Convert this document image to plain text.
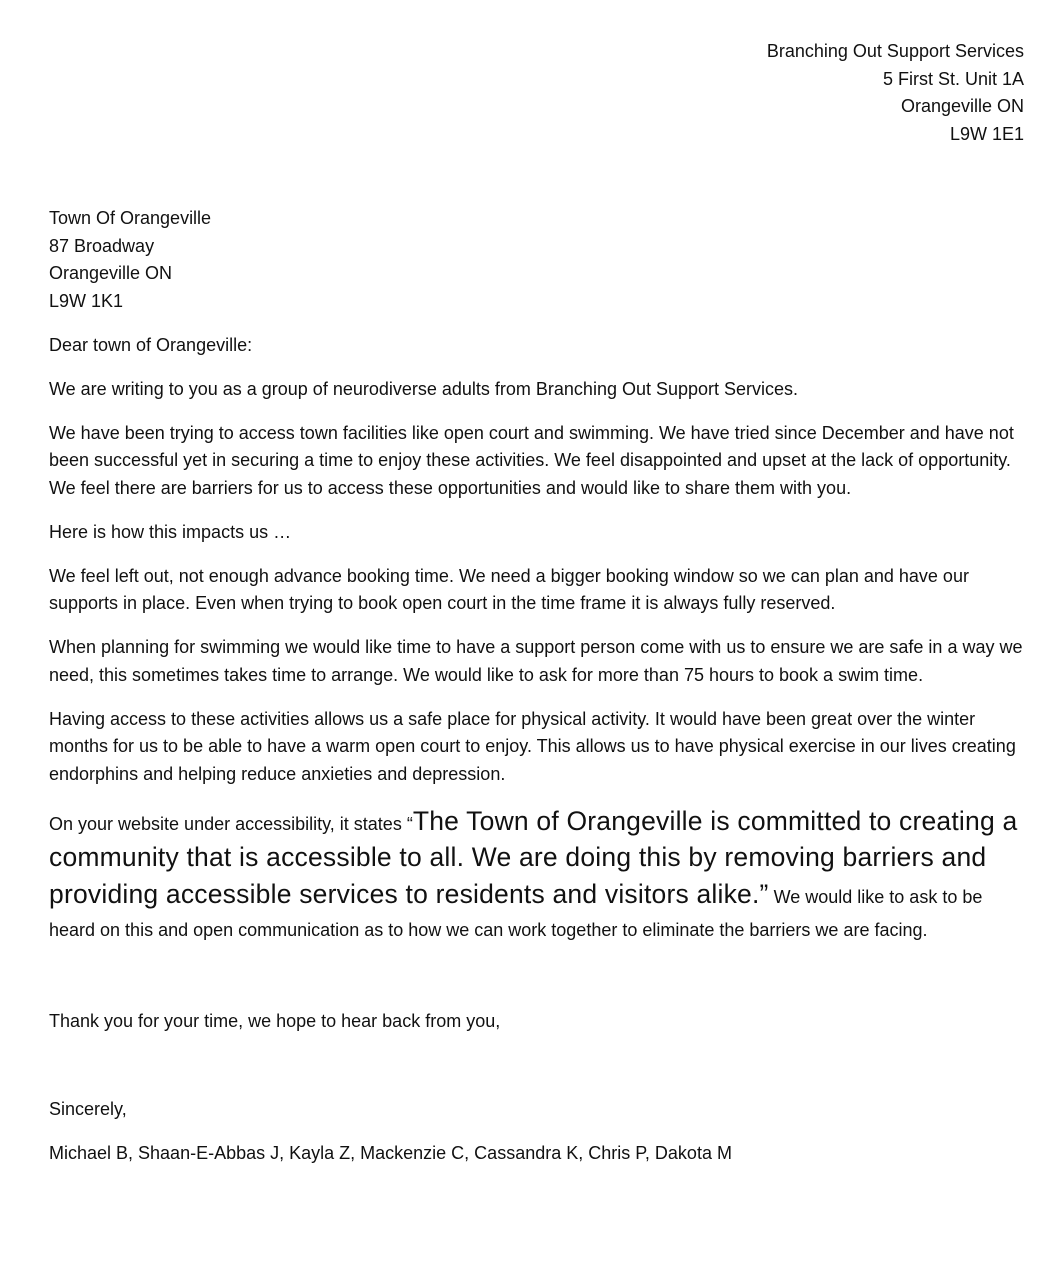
Branching Out Support Services
5 First St. Unit 1A
Orangeville ON
L9W 1E1
Town Of Orangeville
87 Broadway
Orangeville ON
L9W 1K1

Dear town of Orangeville:

We are writing to you as a group of neurodiverse adults from Branching Out Support Services.

We have been trying to access town facilities like open court and swimming. We have tried since December and have not been successful yet in securing a time to enjoy these activities. We feel disappointed and upset at the lack of opportunity. We feel there are barriers for us to access these opportunities and would like to share them with you.

Here is how this impacts us …

We feel left out, not enough advance booking time. We need a bigger booking window so we can plan and have our supports in place. Even when trying to book open court in the time frame it is always fully reserved.

When planning for swimming we would like time to have a support person come with us to ensure we are safe in a way we need, this sometimes takes time to arrange. We would like to ask for more than 75 hours to book a swim time.

Having access to these activities allows us a safe place for physical activity. It would have been great over the winter months for us to be able to have a warm open court to enjoy. This allows us to have physical exercise in our lives creating endorphins and helping reduce anxieties and depression.

On your website under accessibility, it states “The Town of Orangeville is committed to creating a community that is accessible to all. We are doing this by removing barriers and providing accessible services to residents and visitors alike.” We would like to ask to be heard on this and open communication as to how we can work together to eliminate the barriers we are facing.

Thank you for your time, we hope to hear back from you,

Sincerely,

Michael B, Shaan-E-Abbas J, Kayla Z, Mackenzie C, Cassandra K, Chris P, Dakota M
